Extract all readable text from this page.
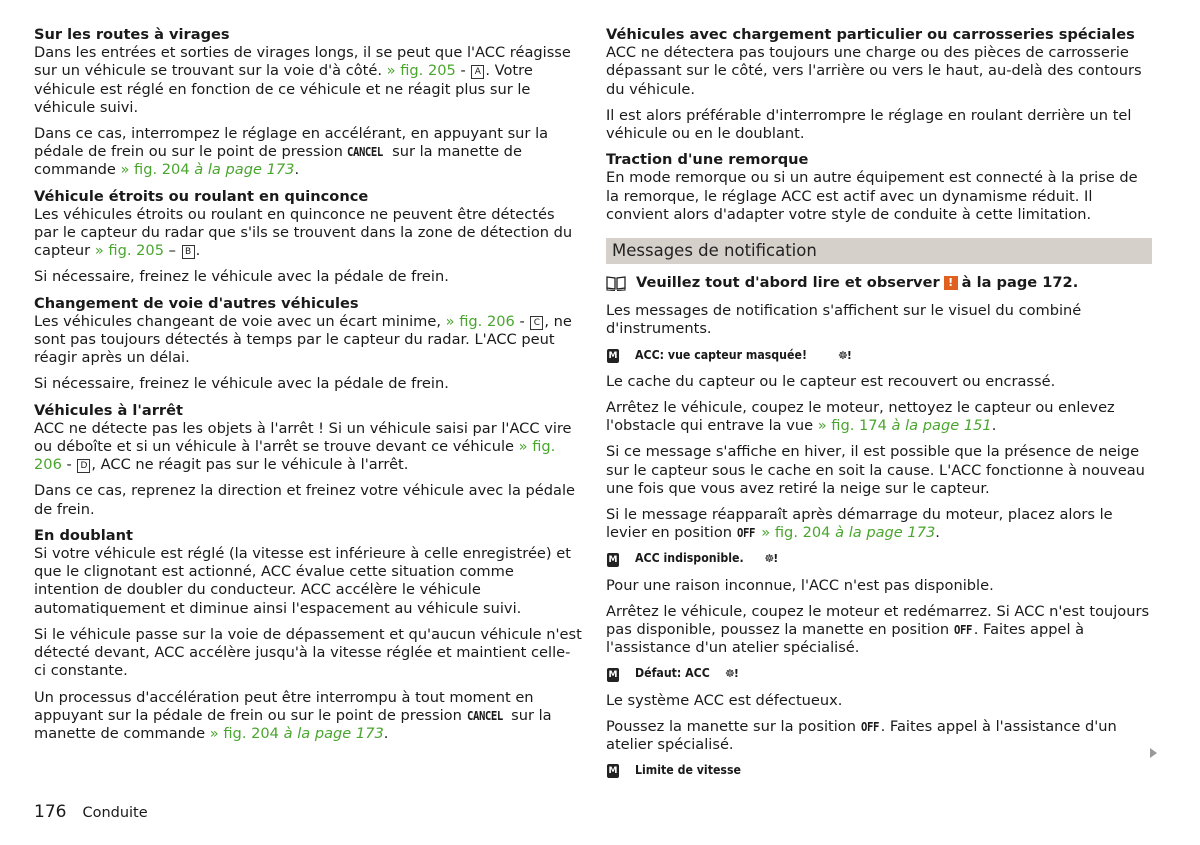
Sur les routes à virages
Dans les entrées et sorties de virages longs, il se peut que l'ACC réagisse sur un véhicule se trouvant sur la voie d'à côté. » fig. 205 - A . Votre véhicule est réglé en fonction de ce véhicule et ne réagit plus sur le véhicule suivi.

Dans ce cas, interrompez le réglage en accélérant, en appuyant sur la pédale de frein ou sur le point de pression CANCEL sur la manette de commande » fig. 204 à la page 173.

Véhicule étroits ou roulant en quinconce
Les véhicules étroits ou roulant en quinconce ne peuvent être détectés par le capteur du radar que s'ils se trouvent dans la zone de détection du capteur » fig. 205 – B .

Si nécessaire, freinez le véhicule avec la pédale de frein.

Changement de voie d'autres véhicules
Les véhicules changeant de voie avec un écart minime, » fig. 206 - C , ne sont pas toujours détectés à temps par le capteur du radar. L'ACC peut réagir après un délai.

Si nécessaire, freinez le véhicule avec la pédale de frein.

Véhicules à l'arrêt
ACC ne détecte pas les objets à l'arrêt ! Si un véhicule saisi par l'ACC vire ou déboîte et si un véhicule à l'arrêt se trouve devant ce véhicule » fig. 206 - D , ACC ne réagit pas sur le véhicule à l'arrêt.

Dans ce cas, reprenez la direction et freinez votre véhicule avec la pédale de frein.

En doublant
Si votre véhicule est réglé (la vitesse est inférieure à celle enregistrée) et que le clignotant est actionné, ACC évalue cette situation comme intention de doubler du conducteur. ACC accélère le véhicule automatiquement et diminue ainsi l'espacement au véhicule suivi.

Si le véhicule passe sur la voie de dépassement et qu'aucun véhicule n'est détecté devant, ACC accélère jusqu'à la vitesse réglée et maintient celle-ci constante.

Un processus d'accélération peut être interrompu à tout moment en appuyant sur la pédale de frein ou sur le point de pression CANCEL sur la manette de commande » fig. 204 à la page 173.

Véhicules avec chargement particulier ou carrosseries spéciales
ACC ne détectera pas toujours une charge ou des pièces de carrosserie dépassant sur le côté, vers l'arrière ou vers le haut, au-delà des contours du véhicule.

Il est alors préférable d'interrompre le réglage en roulant derrière un tel véhicule ou en le doublant.

Traction d'une remorque
En mode remorque ou si un autre équipement est connecté à la prise de la remorque, le réglage ACC est actif avec un dynamisme réduit. Il convient alors d'adapter votre style de conduite à cette limitation.
Messages de notification
Veuillez tout d'abord lire et observer ! à la page 172.

Les messages de notification s'affichent sur le visuel du combiné d'instruments.

M ACC: vue capteur masquée!	☸!

Le cache du capteur ou le capteur est recouvert ou encrassé.

Arrêtez le véhicule, coupez le moteur, nettoyez le capteur ou enlevez l'obstacle qui entrave la vue » fig. 174 à la page 151.

Si ce message s'affiche en hiver, il est possible que la présence de neige sur le capteur sous le cache en soit la cause. L'ACC fonctionne à nouveau une fois que vous avez retiré la neige sur le capteur.

Si le message réapparaît après démarrage du moteur, placez alors le levier en position OFF » fig. 204 à la page 173.

M ACC indisponible. ☸!

Pour une raison inconnue, l'ACC n'est pas disponible.

Arrêtez le véhicule, coupez le moteur et redémarrez. Si ACC n'est toujours pas disponible, poussez la manette en position OFF . Faites appel à l'assistance d'un atelier spécialisé.

M Défaut: ACC ☸!

Le système ACC est défectueux.

Poussez la manette sur la position OFF . Faites appel à l'assistance d'un atelier spécialisé.

M Limite de vitesse
176 Conduite
